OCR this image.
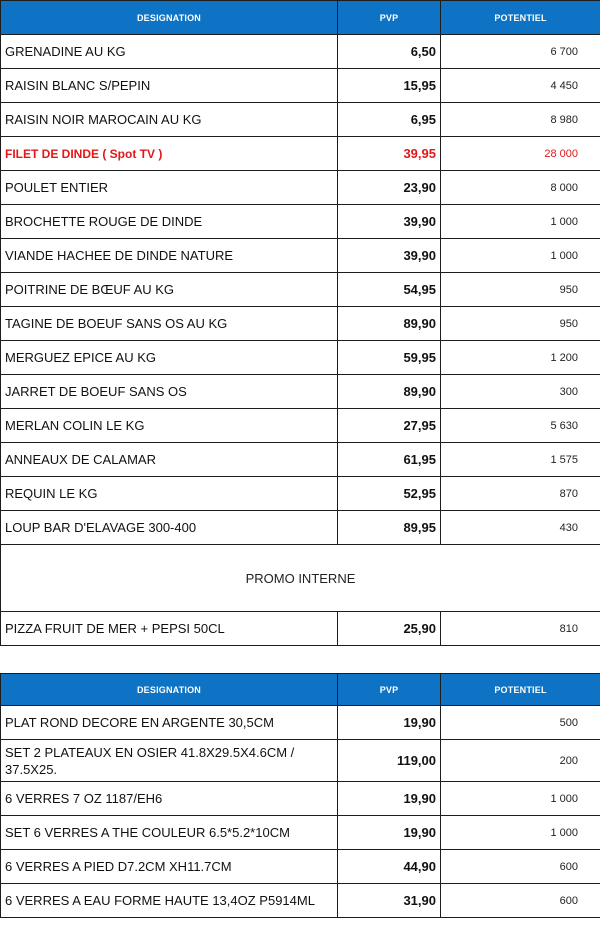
DESIGNATION	PVP	POTENTIEL	
GRENADINE AU KG	6,50	6 700	
RAISIN BLANC S/PEPIN	15,95	4 450	
RAISIN NOIR MAROCAIN AU KG	6,95	8 980	
FILET DE DINDE ( Spot TV )	39,95	28 000	
POULET ENTIER	23,90	8 000	
BROCHETTE ROUGE DE DINDE	39,90	1 000	
VIANDE HACHEE DE DINDE NATURE	39,90	1 000	
POITRINE DE BŒUF AU KG	54,95	950	
TAGINE DE BOEUF SANS OS AU KG	89,90	950	
MERGUEZ EPICE AU KG	59,95	1 200	
JARRET DE BOEUF SANS OS	89,90	300	
MERLAN COLIN LE KG	27,95	5 630	
ANNEAUX DE CALAMAR	61,95	1 575	
REQUIN LE KG	52,95	870	
LOUP BAR D'ELAVAGE 300-400	89,95	430	
PROMO INTERNE			
PIZZA FRUIT DE MER + PEPSI 50CL	25,90	810	
DESIGNATION	PVP	POTENTIEL	
PLAT ROND DECORE EN ARGENTE 30,5CM	19,90	500	
SET 2 PLATEAUX EN OSIER 41.8X29.5X4.6CM / 37.5X25.	119,00	200	
6 VERRES 7 OZ 1187/EH6	19,90	1 000	
SET 6 VERRES A THE COULEUR 6.5*5.2*10CM	19,90	1 000	
6 VERRES A PIED D7.2CM XH11.7CM	44,90	600	
6 VERRES A EAU FORME HAUTE 13,4OZ P5914ML	31,90	600	
